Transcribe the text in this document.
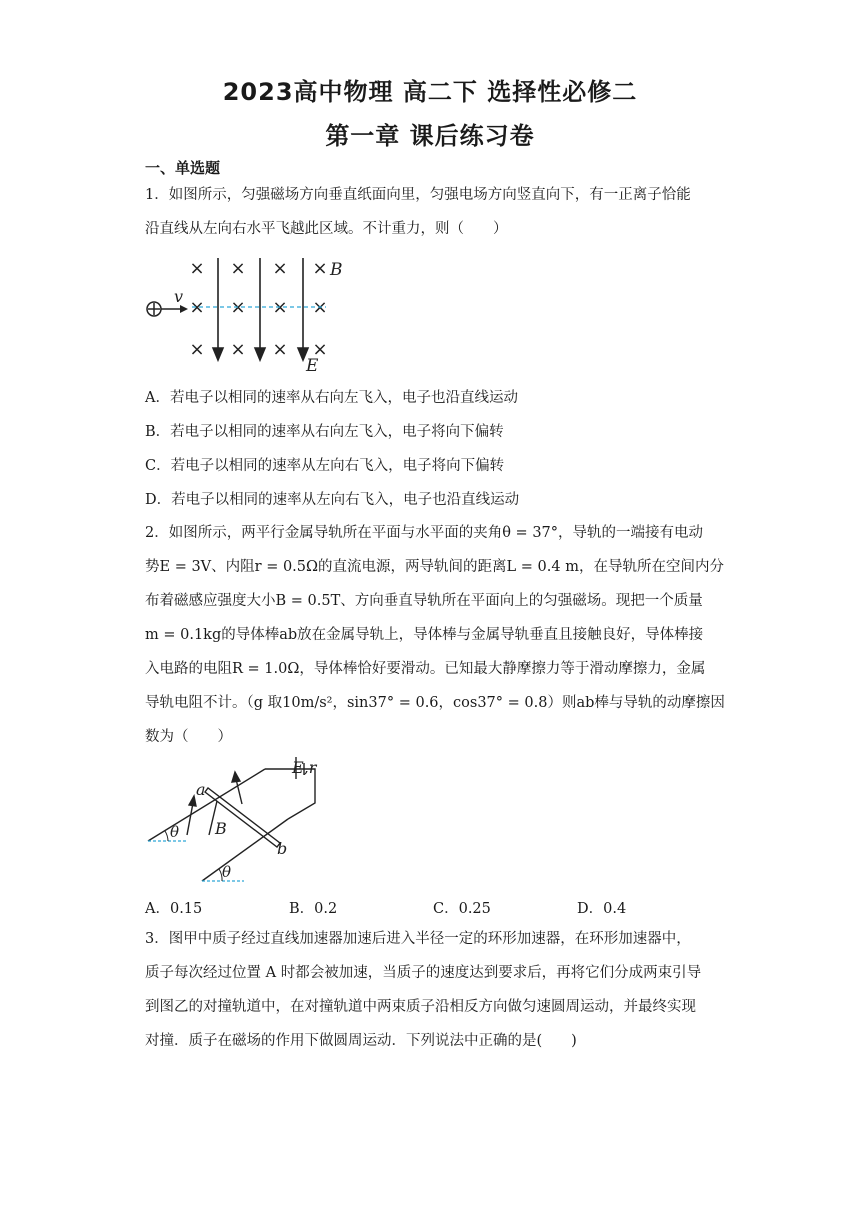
2023高中物理 高二下 选择性必修二
第一章 课后练习卷
一、单选题
1．如图所示，匀强磁场方向垂直纸面向里，匀强电场方向竖直向下，有一正离子恰能
沿直线从左向右水平飞越此区域。不计重力，则（　　）
× × × ×
× × × ×
× × × ×
v
B
E
A．若电子以相同的速率从右向左飞入，电子也沿直线运动
B．若电子以相同的速率从右向左飞入，电子将向下偏转
C．若电子以相同的速率从左向右飞入，电子将向下偏转
D．若电子以相同的速率从左向右飞入，电子也沿直线运动
2．如图所示，两平行金属导轨所在平面与水平面的夹角θ = 37°，导轨的一端接有电动
势E = 3V、内阻r = 0.5Ω的直流电源，两导轨间的距离L = 0.4 m，在导轨所在空间内分
布着磁感应强度大小B = 0.5T、方向垂直导轨所在平面向上的匀强磁场。现把一个质量
m = 0.1kg的导体棒ab放在金属导轨上，导体棒与金属导轨垂直且接触良好，导体棒接
入电路的电阻R = 1.0Ω，导体棒恰好要滑动。已知最大静摩擦力等于滑动摩擦力，金属
导轨电阻不计。（g 取10m/s²，sin37° = 0.6，cos37° = 0.8）则ab棒与导轨的动摩擦因
数为（　　）
E,r
a
b
B
θ
θ
A．0.15	B．0.2	C．0.25	D．0.4
3．图甲中质子经过直线加速器加速后进入半径一定的环形加速器，在环形加速器中，
质子每次经过位置 A 时都会被加速，当质子的速度达到要求后，再将它们分成两束引导
到图乙的对撞轨道中，在对撞轨道中两束质子沿相反方向做匀速圆周运动，并最终实现
对撞．质子在磁场的作用下做圆周运动．下列说法中正确的是(　　)
